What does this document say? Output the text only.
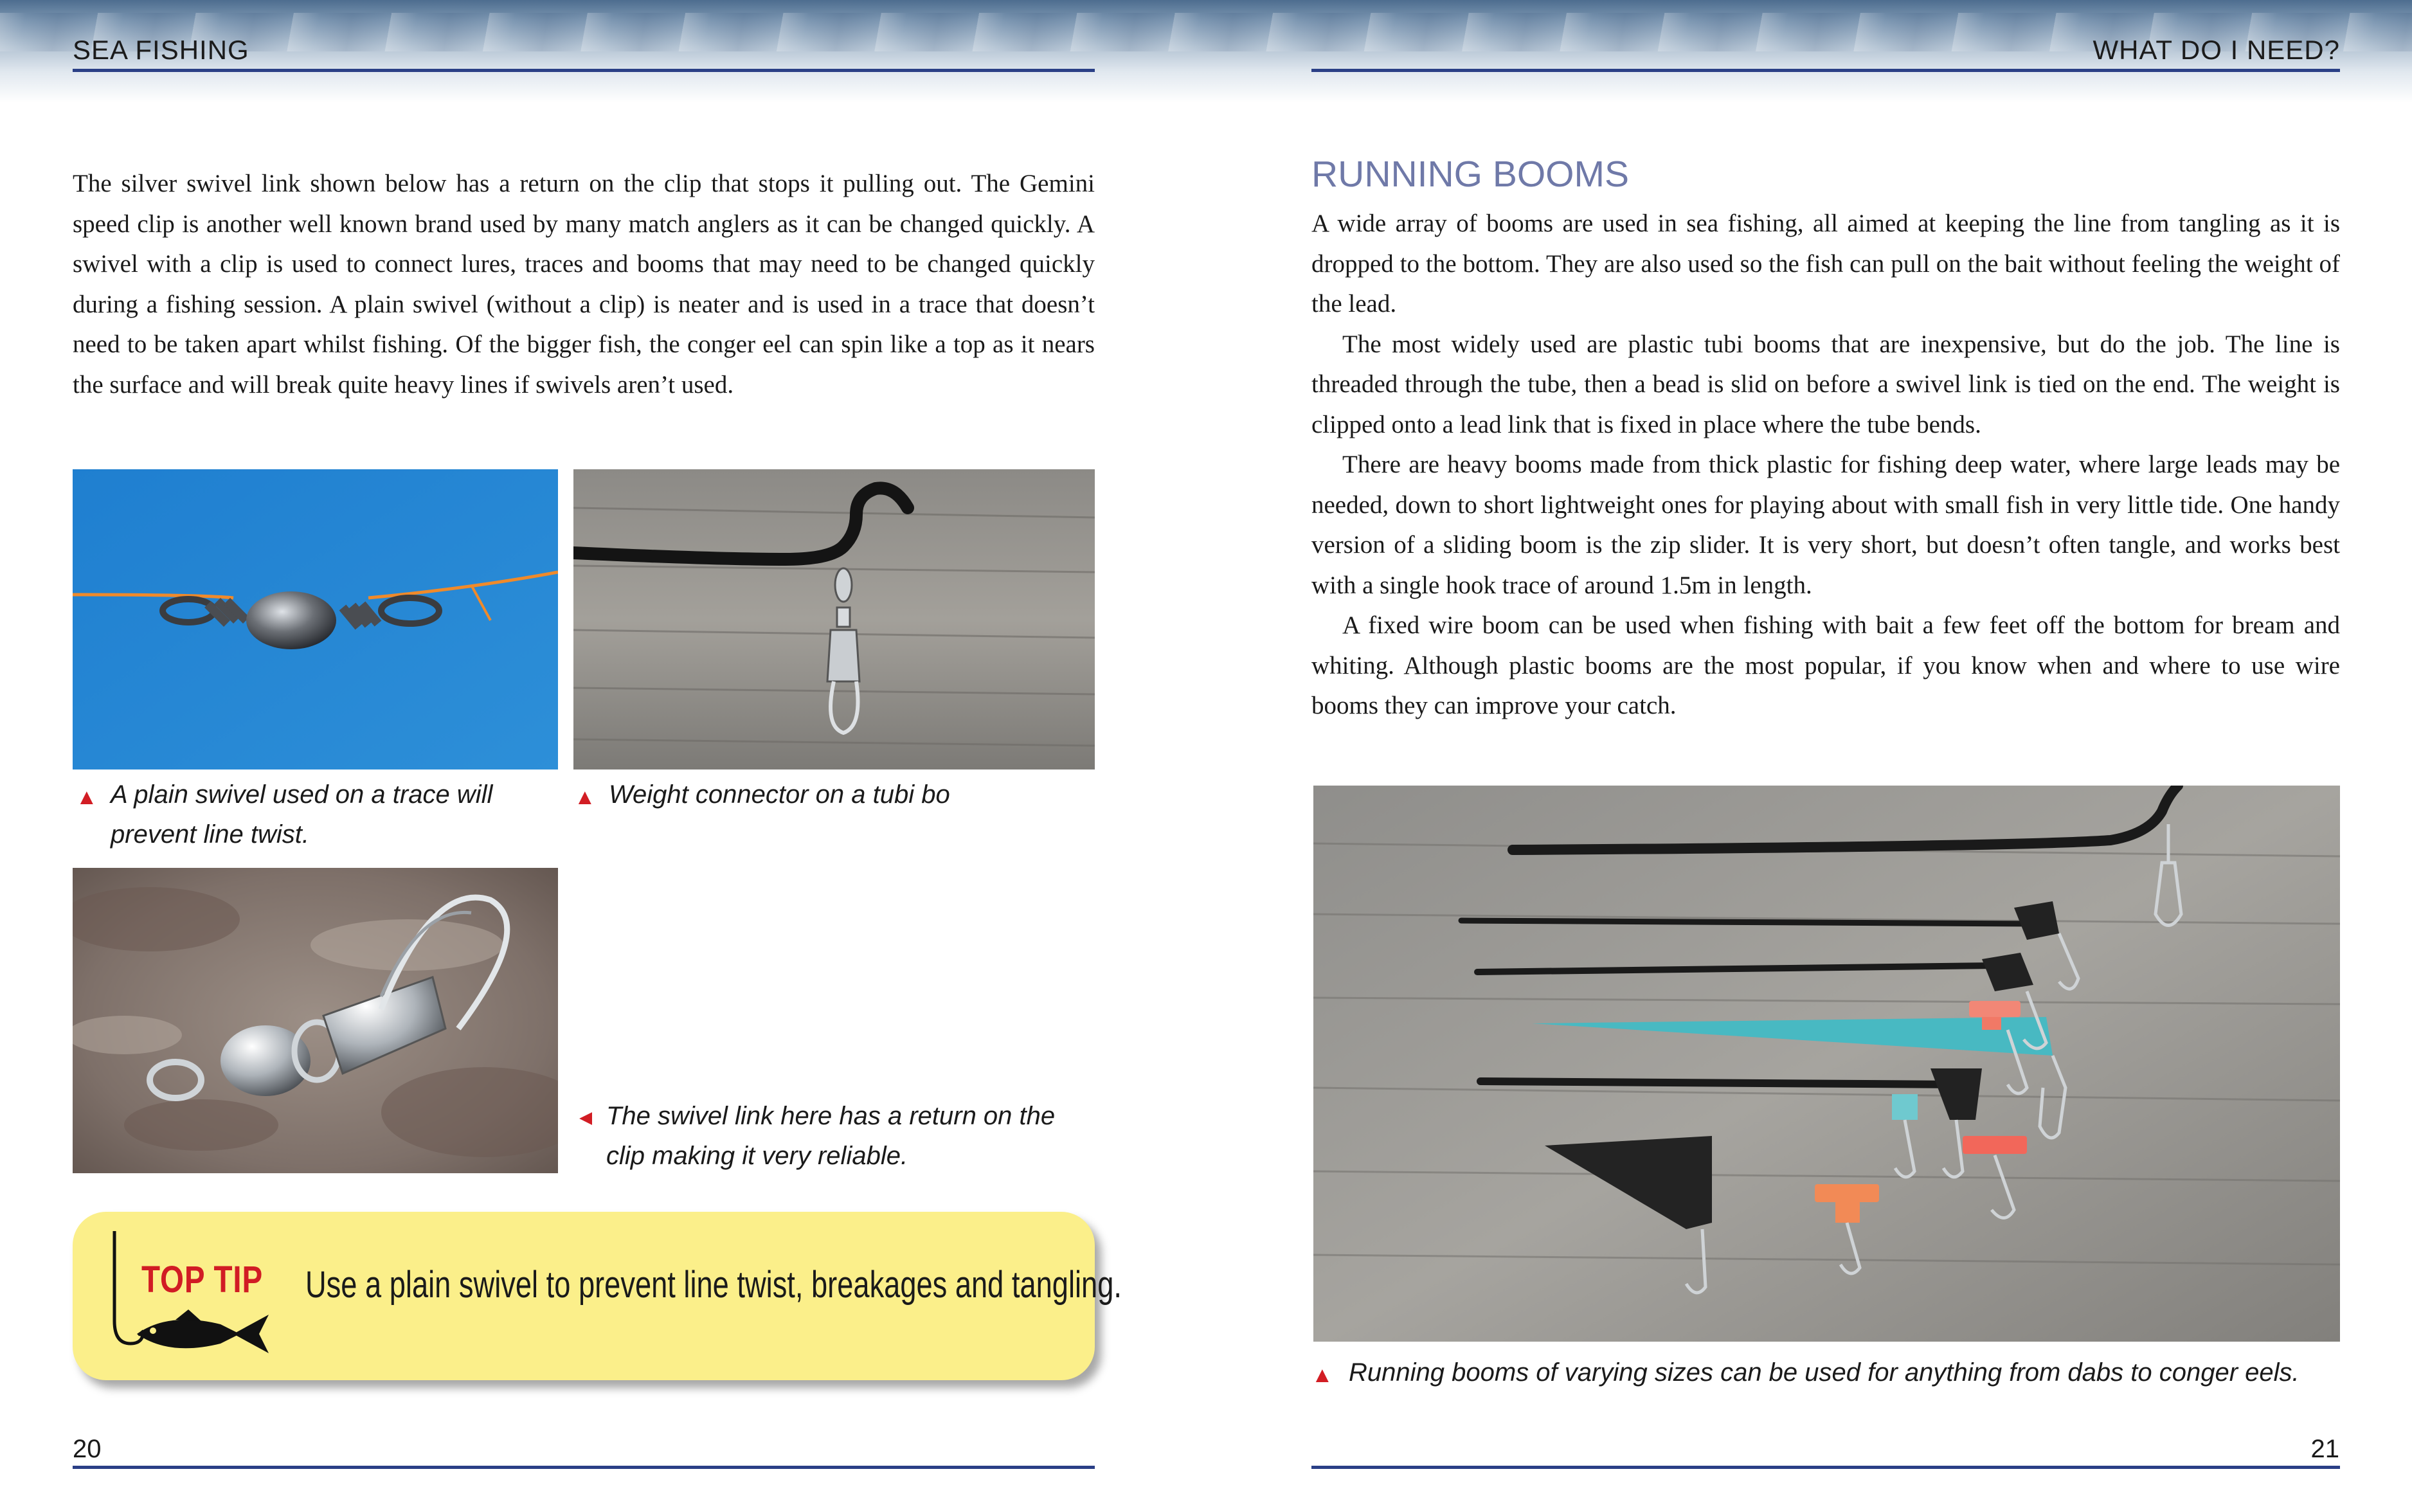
SEA FISHING	WHAT DO I NEED?
The silver swivel link shown below has a return on the clip that stops it pulling out. The Gemini speed clip is another well known brand used by many match anglers as it can be changed quickly. A swivel with a clip is used to connect lures, traces and booms that may need to be changed quickly during a fishing session. A plain swivel (without a clip) is neater and is used in a trace that doesn’t need to be taken apart whilst fishing. Of the bigger fish, the conger eel can spin like a top as it nears the surface and will break quite heavy lines if swivels aren’t used.
▲ A plain swivel used on a trace will prevent line twist.
▲ Weight connector on a tubi bo
▲ The swivel link here has a return on the clip making it very reliable.
TOP TIP Use a plain swivel to prevent line twist, breakages and tangling.
20
RUNNING BOOMS

A wide array of booms are used in sea fishing, all aimed at keeping the line from tangling as it is dropped to the bottom. They are also used so the fish can pull on the bait without feeling the weight of the lead.

The most widely used are plastic tubi booms that are inexpensive, but do the job. The line is threaded through the tube, then a bead is slid on before a swivel link is tied on the end. The weight is clipped onto a lead link that is fixed in place where the tube bends.

There are heavy booms made from thick plastic for fishing deep water, where large leads may be needed, down to short lightweight ones for playing about with small fish in very little tide. One handy version of a sliding boom is the zip slider. It is very short, but doesn’t often tangle, and works best with a single hook trace of around 1.5m in length.

A fixed wire boom can be used when fishing with bait a few feet off the bottom for bream and whiting. Although plastic booms are the most popular, if you know when and where to use wire booms they can improve your catch.

▲ Running booms of varying sizes can be used for anything from dabs to conger eels.
21
